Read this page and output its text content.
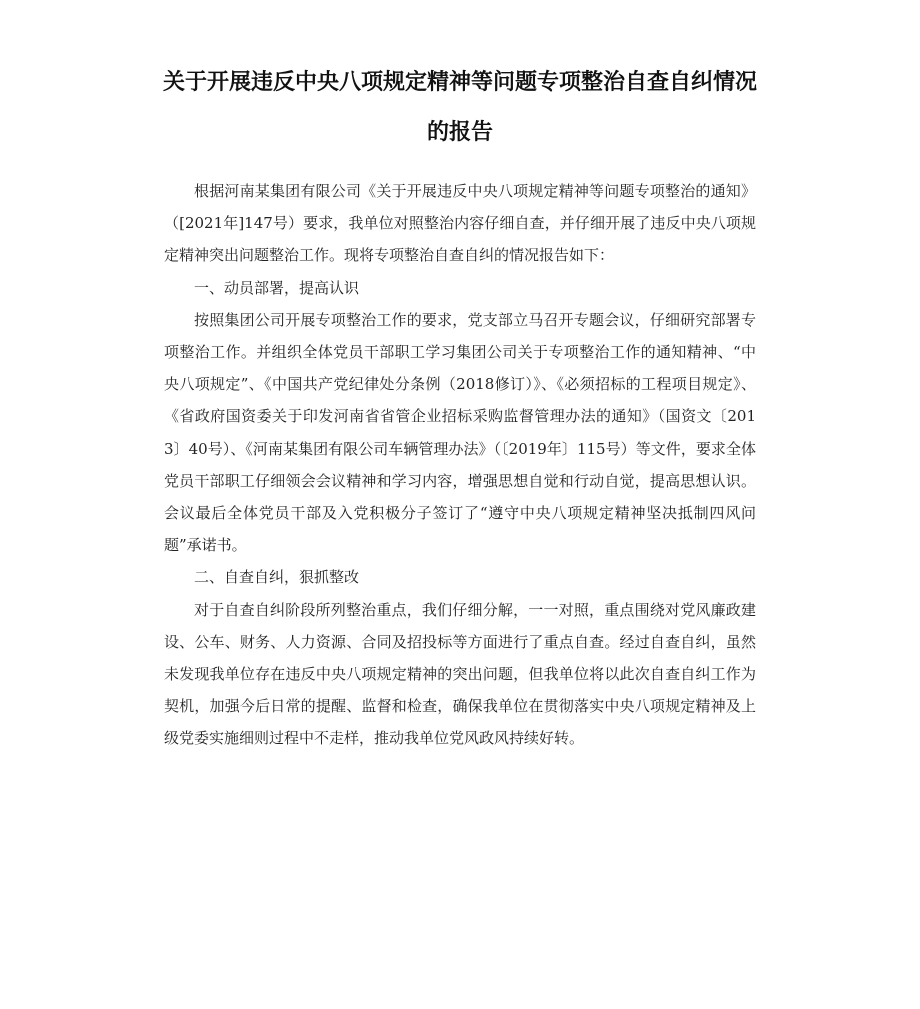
关于开展违反中央八项规定精神等问题专项整治自查自纠情况的报告

根据河南某集团有限公司《关于开展违反中央八项规定精神等问题专项整治的通知》（[2021年]147号）要求，我单位对照整治内容仔细自查，并仔细开展了违反中央八项规定精神突出问题整治工作。现将专项整治自查自纠的情况报告如下：

一、动员部署，提高认识

按照集团公司开展专项整治工作的要求，党支部立马召开专题会议，仔细研究部署专项整治工作。并组织全体党员干部职工学习集团公司关于专项整治工作的通知精神、“中央八项规定”、《中国共产党纪律处分条例（2018修订）》、《必须招标的工程项目规定》、《省政府国资委关于印发河南省省管企业招标采购监督管理办法的通知》（国资文〔2013〕40号）、《河南某集团有限公司车辆管理办法》（〔2019年〕115号）等文件，要求全体党员干部职工仔细领会会议精神和学习内容，增强思想自觉和行动自觉，提高思想认识。会议最后全体党员干部及入党积极分子签订了“遵守中央八项规定精神坚决抵制四风问题”承诺书。

二、自查自纠，狠抓整改

对于自查自纠阶段所列整治重点，我们仔细分解，一一对照，重点围绕对党风廉政建设、公车、财务、人力资源、合同及招投标等方面进行了重点自查。经过自查自纠，虽然未发现我单位存在违反中央八项规定精神的突出问题，但我单位将以此次自查自纠工作为契机，加强今后日常的提醒、监督和检查，确保我单位在贯彻落实中央八项规定精神及上级党委实施细则过程中不走样，推动我单位党风政风持续好转。
